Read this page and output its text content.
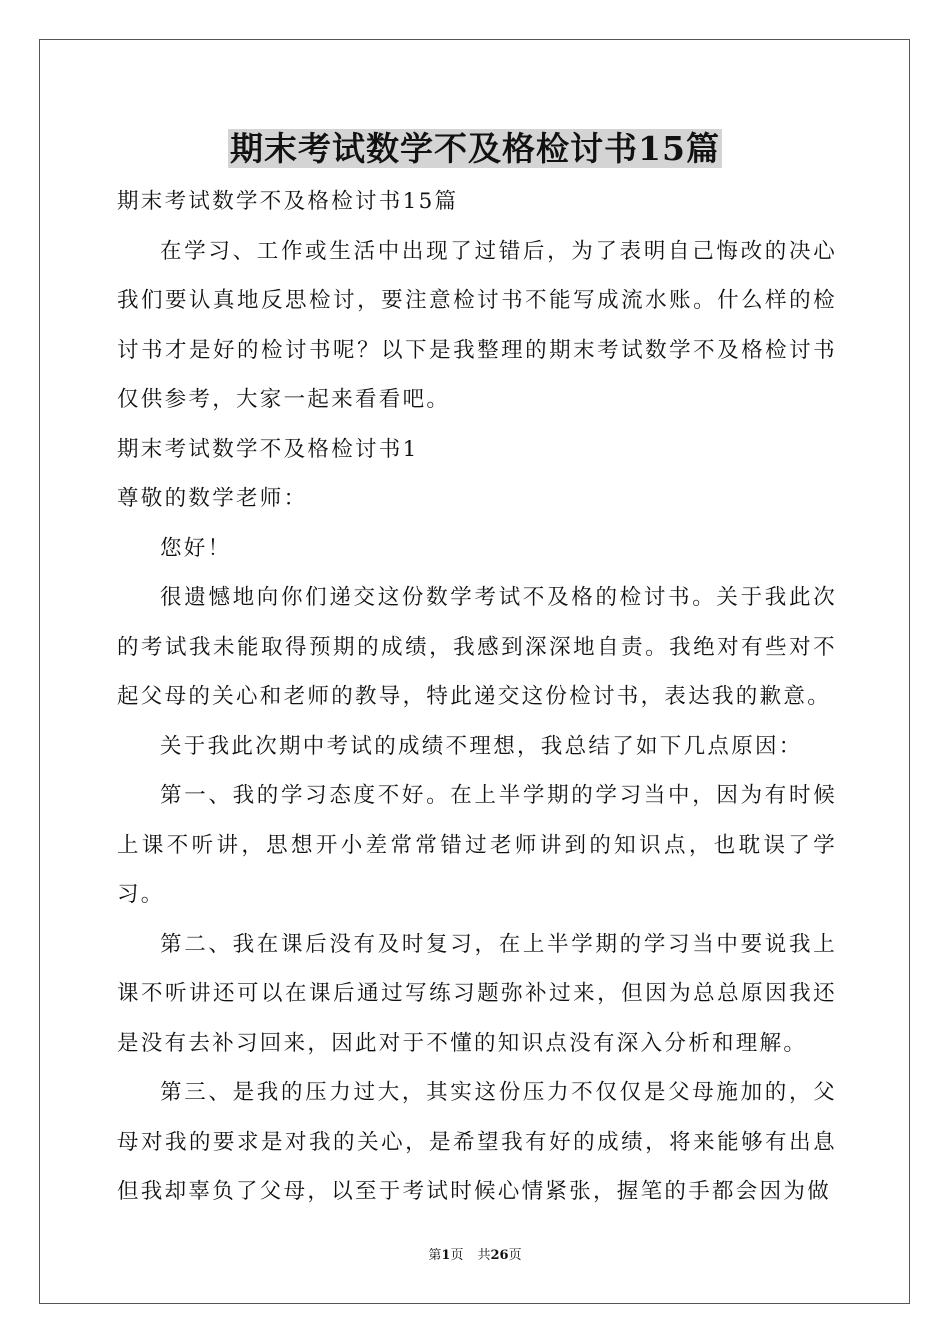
期末考试数学不及格检讨书15篇

期末考试数学不及格检讨书15篇

在学习、工作或生活中出现了过错后，为了表明自己悔改的决心我们要认真地反思检讨，要注意检讨书不能写成流水账。什么样的检讨书才是好的检讨书呢？以下是我整理的期末考试数学不及格检讨书仅供参考，大家一起来看看吧。

期末考试数学不及格检讨书1

尊敬的数学老师：

您好！

很遗憾地向你们递交这份数学考试不及格的检讨书。关于我此次的考试我未能取得预期的成绩，我感到深深地自责。我绝对有些对不起父母的关心和老师的教导，特此递交这份检讨书，表达我的歉意。

关于我此次期中考试的成绩不理想，我总结了如下几点原因：

第一、我的学习态度不好。在上半学期的学习当中，因为有时候上课不听讲，思想开小差常常错过老师讲到的知识点，也耽误了学习。

第二、我在课后没有及时复习，在上半学期的学习当中要说我上课不听讲还可以在课后通过写练习题弥补过来，但因为总总原因我还是没有去补习回来，因此对于不懂的知识点没有深入分析和理解。

第三、是我的压力过大，其实这份压力不仅仅是父母施加的，父母对我的要求是对我的关心，是希望我有好的成绩，将来能够有出息但我却辜负了父母，以至于考试时候心情紧张，握笔的手都会因为做

第1页 共26页
